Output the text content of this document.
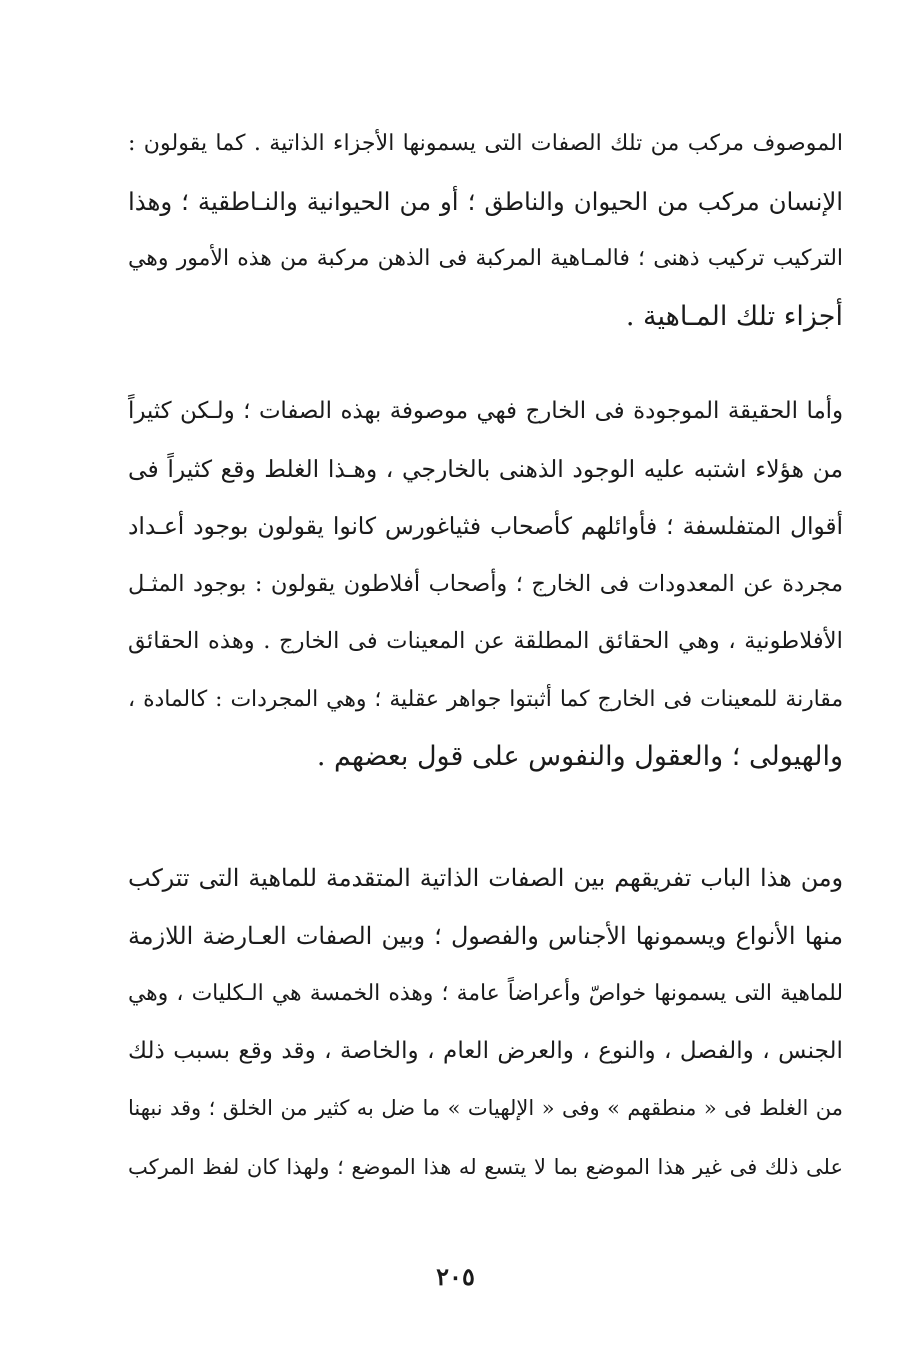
الموصوف مركب من تلك الصفات التى يسمونها الأجزاء الذاتية . كما يقولون :
الإنسان مركب من الحيوان والناطق ؛ أو من الحيوانية والنـاطقية ؛ وهذا
التركيب تركيب ذهنى ؛ فالمـاهية المركبة فى الذهن مركبة من هذه الأمور وهي
أجزاء تلك المـاهية .
وأما الحقيقة الموجودة فى الخارج فهي موصوفة بهذه الصفات ؛ ولـكن كثيراً
من هؤلاء اشتبه عليه الوجود الذهنى بالخارجي ، وهـذا الغلط وقع كثيراً فى
أقوال المتفلسفة ؛ فأوائلهم كأصحاب فثياغورس كانوا يقولون بوجود أعـداد
مجردة عن المعدودات فى الخارج ؛ وأصحاب أفلاطون يقولون : بوجود المثـل
الأفلاطونية ، وهي الحقائق المطلقة عن المعينات فى الخارج . وهذه الحقائق
مقارنة للمعينات فى الخارج كما أثبتوا جواهر عقلية ؛ وهي المجردات : كالمادة ،
والهيولى ؛ والعقول والنفوس على قول بعضهم .
ومن هذا الباب تفريقهم بين الصفات الذاتية المتقدمة للماهية التى تتركب
منها الأنواع ويسمونها الأجناس والفصول ؛ وبين الصفات العـارضة اللازمة
للماهية التى يسمونها خواصّ وأعراضاً عامة ؛ وهذه الخمسة هي الـكليات ، وهي
الجنس ، والفصل ، والنوع ، والعرض العام ، والخاصة ، وقد وقع بسبب ذلك
من الغلط فى « منطقهم » وفى « الإلهيات » ما ضل به كثير من الخلق ؛ وقد نبهنا
على ذلك فى غير هذا الموضع بما لا يتسع له هذا الموضع ؛ ولهذا كان لفظ المركب
٢٠٥
